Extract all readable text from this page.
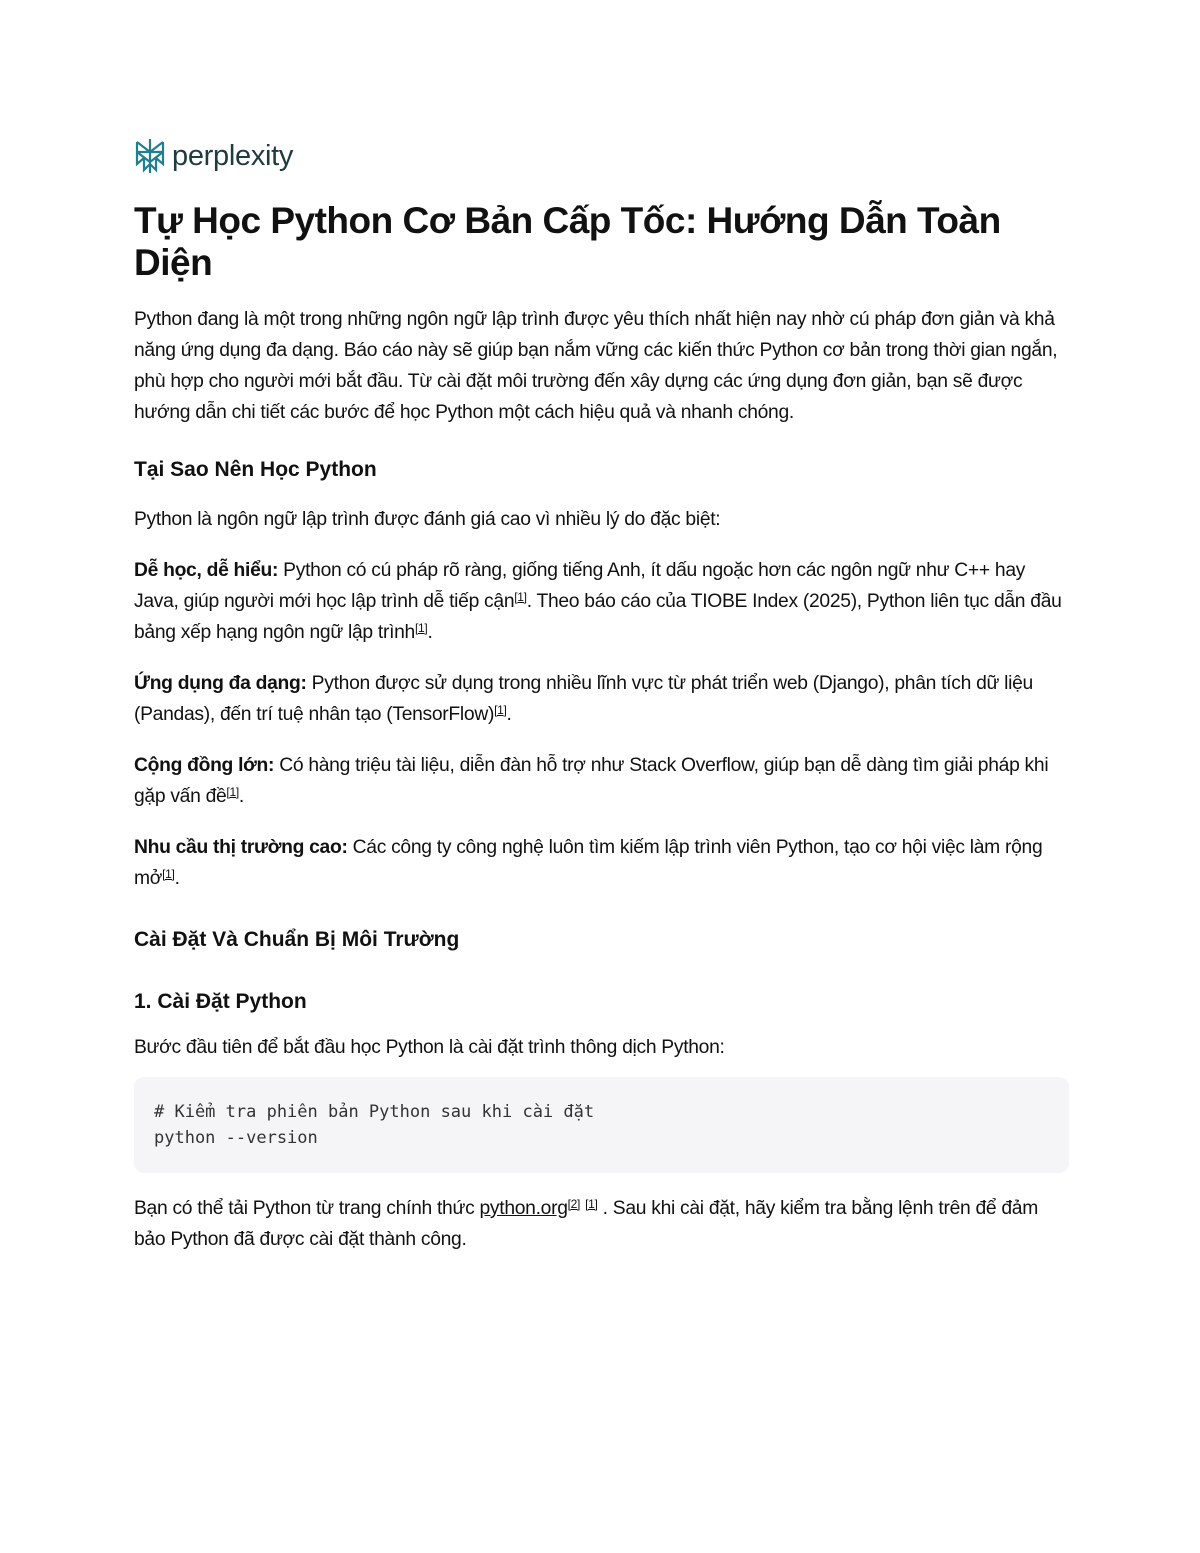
perplexity
Tự Học Python Cơ Bản Cấp Tốc: Hướng Dẫn Toàn Diện

Python đang là một trong những ngôn ngữ lập trình được yêu thích nhất hiện nay nhờ cú pháp đơn giản và khả năng ứng dụng đa dạng. Báo cáo này sẽ giúp bạn nắm vững các kiến thức Python cơ bản trong thời gian ngắn, phù hợp cho người mới bắt đầu. Từ cài đặt môi trường đến xây dựng các ứng dụng đơn giản, bạn sẽ được hướng dẫn chi tiết các bước để học Python một cách hiệu quả và nhanh chóng.

Tại Sao Nên Học Python

Python là ngôn ngữ lập trình được đánh giá cao vì nhiều lý do đặc biệt:

Dễ học, dễ hiểu: Python có cú pháp rõ ràng, giống tiếng Anh, ít dấu ngoặc hơn các ngôn ngữ như C++ hay Java, giúp người mới học lập trình dễ tiếp cận[1]. Theo báo cáo của TIOBE Index (2025), Python liên tục dẫn đầu bảng xếp hạng ngôn ngữ lập trình[1].

Ứng dụng đa dạng: Python được sử dụng trong nhiều lĩnh vực từ phát triển web (Django), phân tích dữ liệu (Pandas), đến trí tuệ nhân tạo (TensorFlow)[1].

Cộng đồng lớn: Có hàng triệu tài liệu, diễn đàn hỗ trợ như Stack Overflow, giúp bạn dễ dàng tìm giải pháp khi gặp vấn đề[1].

Nhu cầu thị trường cao: Các công ty công nghệ luôn tìm kiếm lập trình viên Python, tạo cơ hội việc làm rộng mở[1].

Cài Đặt Và Chuẩn Bị Môi Trường
1. Cài Đặt Python

Bước đầu tiên để bắt đầu học Python là cài đặt trình thông dịch Python:

# Kiểm tra phiên bản Python sau khi cài đặt
python --version

Bạn có thể tải Python từ trang chính thức python.org[2] [1] . Sau khi cài đặt, hãy kiểm tra bằng lệnh trên để đảm bảo Python đã được cài đặt thành công.
